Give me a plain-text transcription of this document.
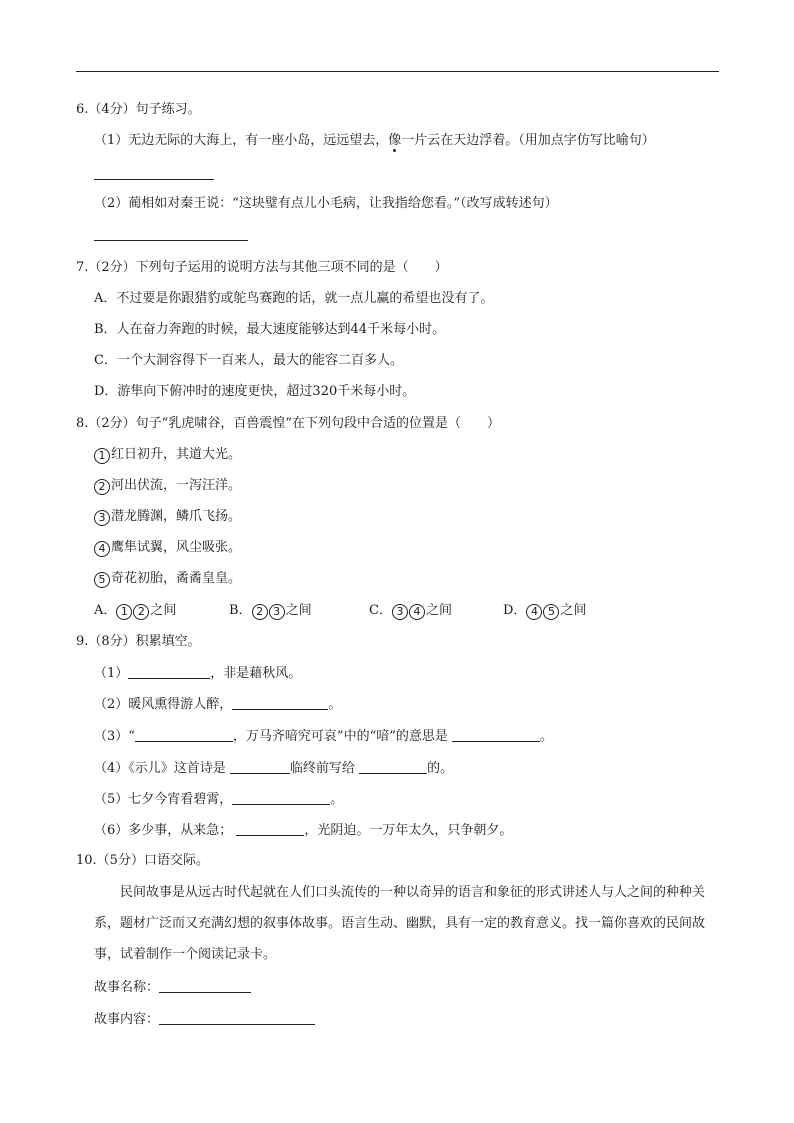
6.（4分）句子练习。
（1）无边无际的大海上，有一座小岛，远远望去，像一片云在天边浮着。（用加点字仿写比喻句）
（2）蔺相如对秦王说：“这块璧有点儿小毛病，让我指给您看。”（改写成转述句）
7.（2分）下列句子运用的说明方法与其他三项不同的是（　　）
A．不过要是你跟猎豹或鸵鸟赛跑的话，就一点儿赢的希望也没有了。
B．人在奋力奔跑的时候，最大速度能够达到44千米每小时。
C．一个大洞容得下一百来人，最大的能容二百多人。
D．游隼向下俯冲时的速度更快，超过320千米每小时。
8.（2分）句子“乳虎啸谷，百兽震惶”在下列句段中合适的位置是（　　）
1 红日初升，其道大光。
2 河出伏流，一泻汪洋。
3 潜龙腾渊，鳞爪飞扬。
4 鹰隼试翼，风尘吸张。
5 奇花初胎，矞矞皇皇。
A． 1 2 之间	B． 2 3 之间	C． 3 4 之间	D． 4 5 之间
9.（8分）积累填空。
（1）	，非是藉秋风。
（2）暖风熏得游人醉，	。
（3）“	，万马齐喑究可哀”中的“喑”的意思是	。
（4）《示儿》这首诗是	临终前写给	的。
（5）七夕今宵看碧霄，	。
（6）多少事，从来急；	，光阴迫。一万年太久，只争朝夕。
10.（5分）口语交际。
民间故事是从远古时代起就在人们口头流传的一种以奇异的语言和象征的形式讲述人与人之间的种种关系，题材广泛而又充满幻想的叙事体故事。语言生动、幽默，具有一定的教育意义。找一篇你喜欢的民间故事，试着制作一个阅读记录卡。
故事名称：
故事内容：
